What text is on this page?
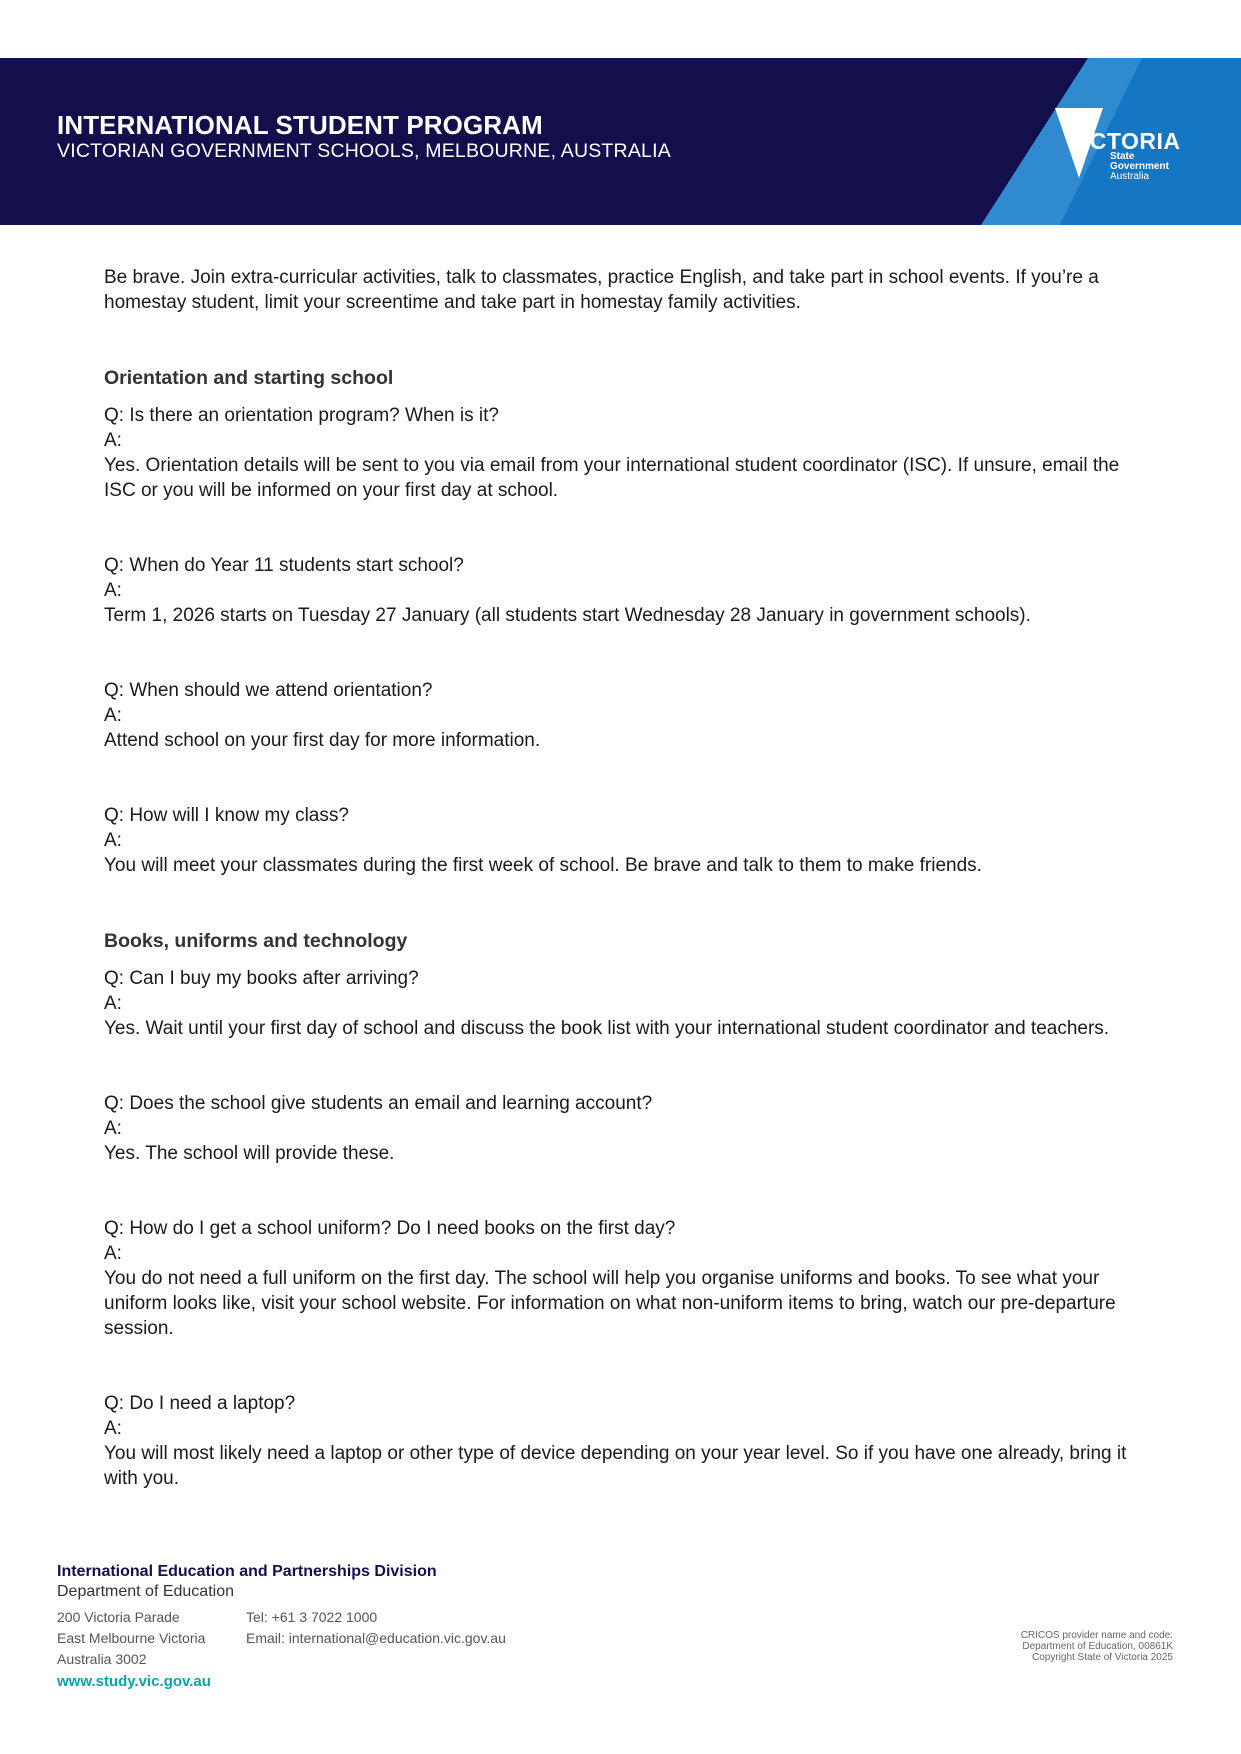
INTERNATIONAL STUDENT PROGRAM

VICTORIAN GOVERNMENT SCHOOLS, MELBOURNE, AUSTRALIA	VICTORIA
State
Government
Australia

Be brave. Join extra-curricular activities, talk to classmates, practice English, and take part in school events. If you’re a homestay student, limit your screentime and take part in homestay family activities.

Orientation and starting school

Q: Is there an orientation program? When is it?

A:

Yes. Orientation details will be sent to you via email from your international student coordinator (ISC). If unsure, email the ISC or you will be informed on your first day at school.

Q: When do Year 11 students start school?

A:

Term 1, 2026 starts on Tuesday 27 January (all students start Wednesday 28 January in government schools).

Q: When should we attend orientation?

A:

Attend school on your first day for more information.

Q: How will I know my class?

A:

You will meet your classmates during the first week of school. Be brave and talk to them to make friends.

Books, uniforms and technology

Q: Can I buy my books after arriving?

A:

Yes. Wait until your first day of school and discuss the book list with your international student coordinator and teachers.

Q: Does the school give students an email and learning account?

A:

Yes. The school will provide these.

Q: How do I get a school uniform? Do I need books on the first day?

A:

You do not need a full uniform on the first day. The school will help you organise uniforms and books. To see what your uniform looks like, visit your school website. For information on what non-uniform items to bring, watch our pre-departure session.

Q: Do I need a laptop?

A:

You will most likely need a laptop or other type of device depending on your year level. So if you have one already, bring it with you.

International Education and Partnerships Division

Department of Education

200 Victoria Parade

East Melbourne Victoria

Australia 3002

Tel: +61 3 7022 1000

Email: international@education.vic.gov.au

www.study.vic.gov.au

CRICOS provider name and code:

Department of Education, 00861K

Copyright State of Victoria 2025
